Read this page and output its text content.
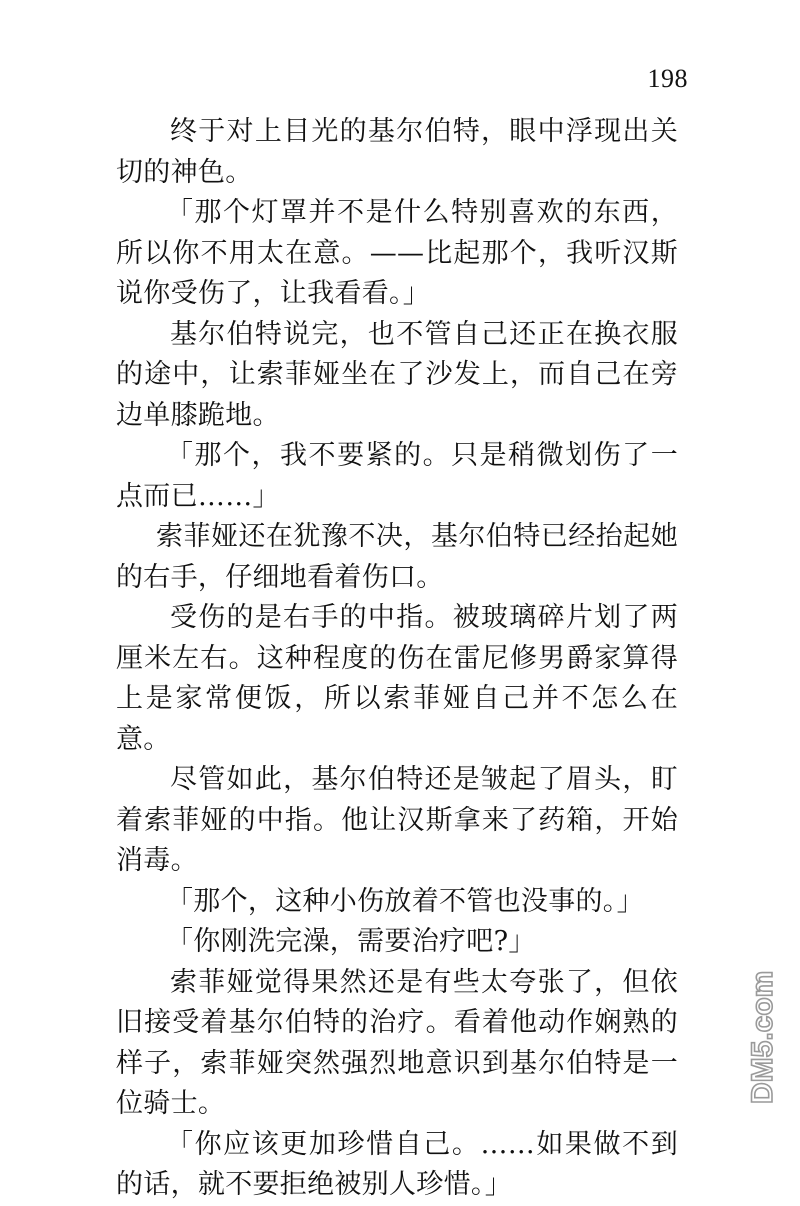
198

终于对上目光的基尔伯特，眼中浮现出关切的神色。

「那个灯罩并不是什么特别喜欢的东西，所以你不用太在意。——比起那个，我听汉斯说你受伤了，让我看看。」

基尔伯特说完，也不管自己还正在换衣服的途中，让索菲娅坐在了沙发上，而自己在旁边单膝跪地。

「那个，我不要紧的。只是稍微划伤了一点而已……」

索菲娅还在犹豫不决，基尔伯特已经抬起她的右手，仔细地看着伤口。

受伤的是右手的中指。被玻璃碎片划了两厘米左右。这种程度的伤在雷尼修男爵家算得上是家常便饭，所以索菲娅自己并不怎么在意。

尽管如此，基尔伯特还是皱起了眉头，盯着索菲娅的中指。他让汉斯拿来了药箱，开始消毒。

「那个，这种小伤放着不管也没事的。」

「你刚洗完澡，需要治疗吧?」

索菲娅觉得果然还是有些太夸张了，但依旧接受着基尔伯特的治疗。看着他动作娴熟的样子，索菲娅突然强烈地意识到基尔伯特是一位骑士。

「你应该更加珍惜自己。……如果做不到的话，就不要拒绝被别人珍惜。」

DM5.com
